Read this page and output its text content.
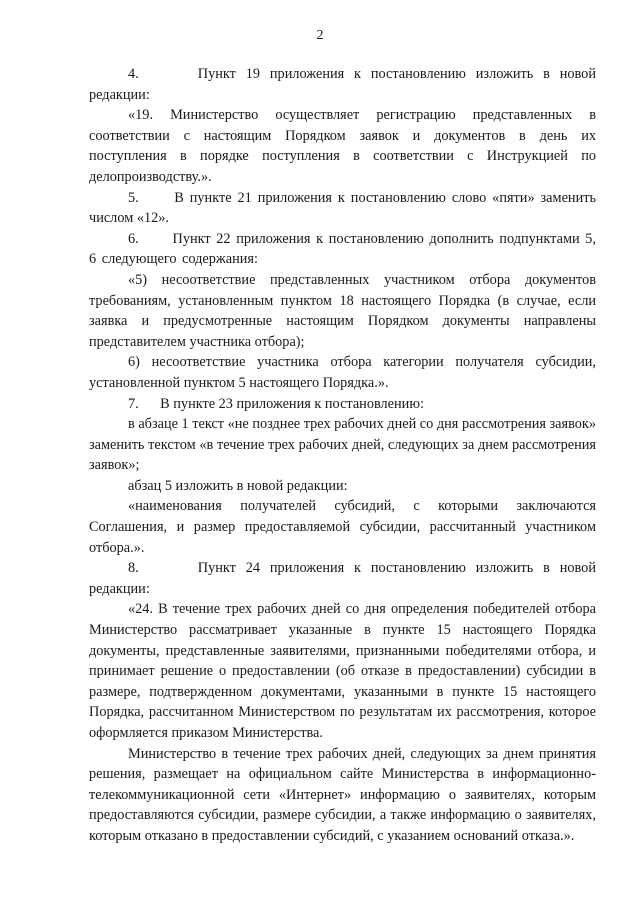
2

4.      Пункт 19 приложения к постановлению изложить в новой редакции:

«19. Министерство осуществляет регистрацию представленных в соответствии с настоящим Порядком заявок и документов в день их поступления в порядке поступления в соответствии с Инструкцией по делопроизводству.».

5.      В пункте 21 приложения к постановлению слово «пяти» заменить числом «12».

6.      Пункт 22 приложения к постановлению дополнить подпунктами 5, 6 следующего содержания:

«5) несоответствие представленных участником отбора документов требованиям, установленным пунктом 18 настоящего Порядка (в случае, если заявка и предусмотренные настоящим Порядком документы направлены представителем участника отбора);

6) несоответствие участника отбора категории получателя субсидии, установленной пунктом 5 настоящего Порядка.».

7.      В пункте 23 приложения к постановлению:

в абзаце 1 текст «не позднее трех рабочих дней со дня рассмотрения заявок» заменить текстом «в течение трех рабочих дней, следующих за днем рассмотрения заявок»;

абзац 5 изложить в новой редакции:

«наименования получателей субсидий, с которыми заключаются Соглашения, и размер предоставляемой субсидии, рассчитанный участником отбора.».

8.      Пункт 24 приложения к постановлению изложить в новой редакции:

«24. В течение трех рабочих дней со дня определения победителей отбора Министерство рассматривает указанные в пункте 15 настоящего Порядка документы, представленные заявителями, признанными победителями отбора, и принимает решение о предоставлении (об отказе в предоставлении) субсидии в размере, подтвержденном документами, указанными в пункте 15 настоящего Порядка, рассчитанном Министерством по результатам их рассмотрения, которое оформляется приказом Министерства.

Министерство в течение трех рабочих дней, следующих за днем принятия решения, размещает на официальном сайте Министерства в информационно-телекоммуникационной сети «Интернет» информацию о заявителях, которым предоставляются субсидии, размере субсидии, а также информацию о заявителях, которым отказано в предоставлении субсидий, с указанием оснований отказа.».
